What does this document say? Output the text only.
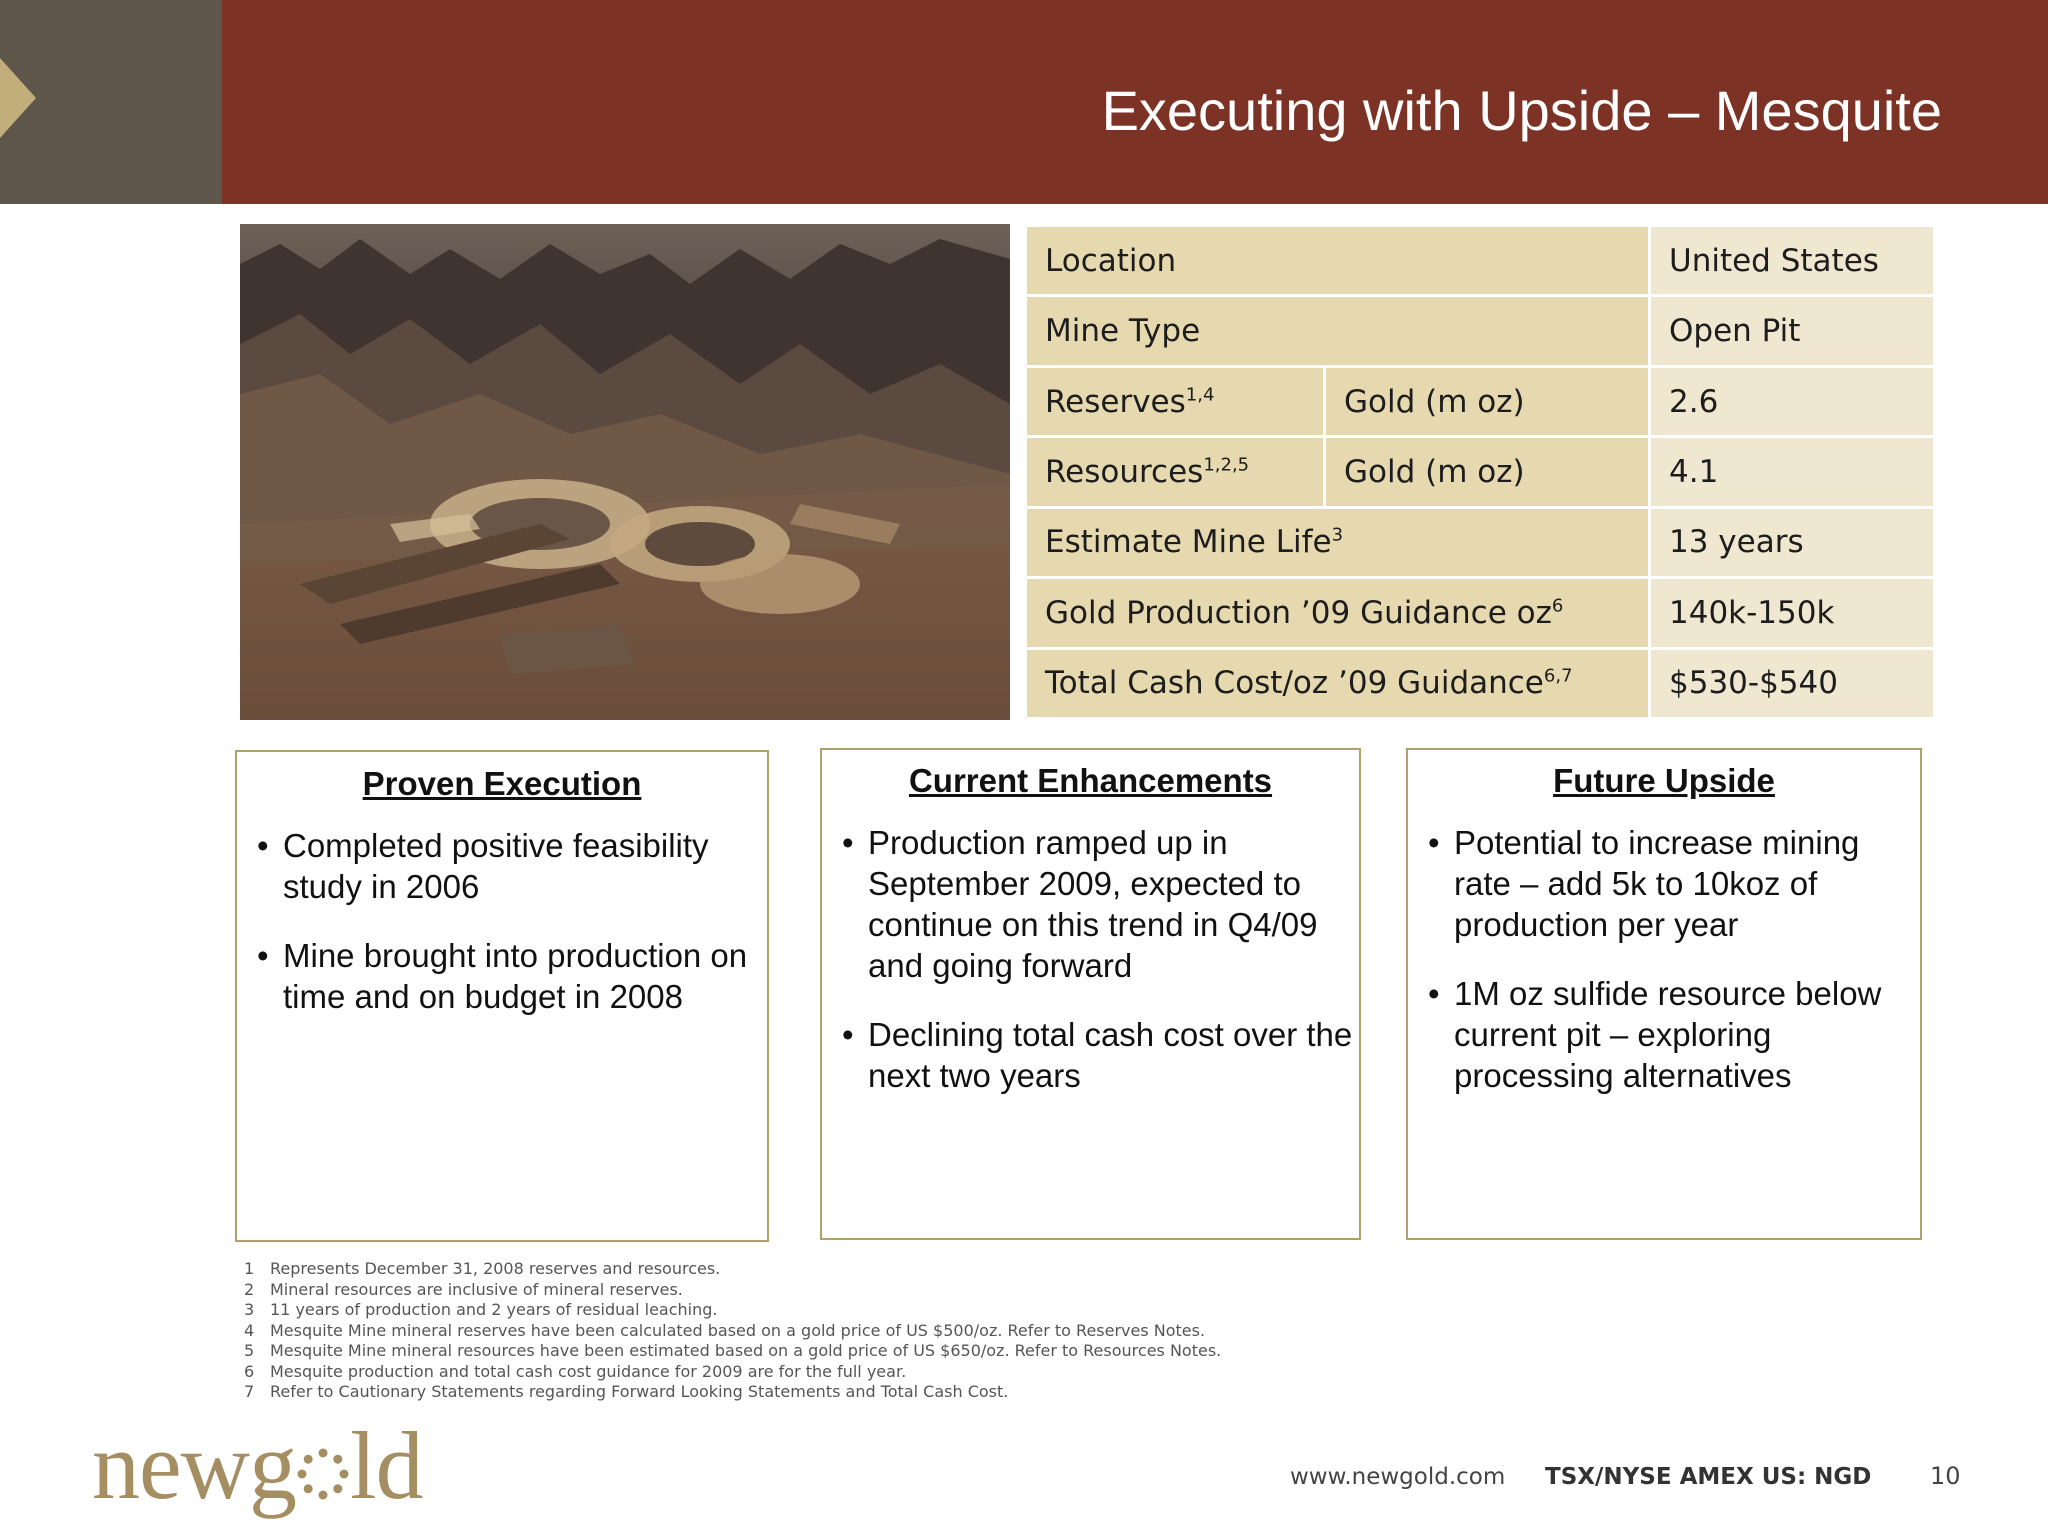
Executing with Upside – Mesquite
Location		United States
Mine Type		Open Pit
Reserves$^{1,4}$	Gold (m oz)	2.6
Resources$^{1,2,5}$	Gold (m oz)	4.1
Estimate Mine Life$^3$		13 years
Gold Production ’09 Guidance $oz^6$		140k-150k
Total Cash Cost/oz ’09 Guidance$^{6,7}$		$530-$540
Proven Execution
• Completed positive feasibility study in 2006
• Mine brought into production on time and on budget in 2008
Current Enhancements
• Production ramped up in September 2009, expected to continue on this trend in Q4/09 and going forward
• Declining total cash cost over the next two years
Future Upside
• Potential to increase mining rate – add 5k to 10koz of production per year
• 1M oz sulfide resource below current pit – exploring processing alternatives
1 Represents December 31, 2008 reserves and resources.
2 Mineral resources are inclusive of mineral reserves.
3 11 years of production and 2 years of residual leaching.
4 Mesquite Mine mineral reserves have been calculated based on a gold price of US $500/oz. Refer to Reserves Notes.
5 Mesquite Mine mineral resources have been estimated based on a gold price of US $650/oz. Refer to Resources Notes.
6 Mesquite production and total cash cost guidance for 2009 are for the full year.
7 Refer to Cautionary Statements regarding Forward Looking Statements and Total Cash Cost.
newg ld	www.newgold.com TSX/NYSE AMEX US: NGD 10
